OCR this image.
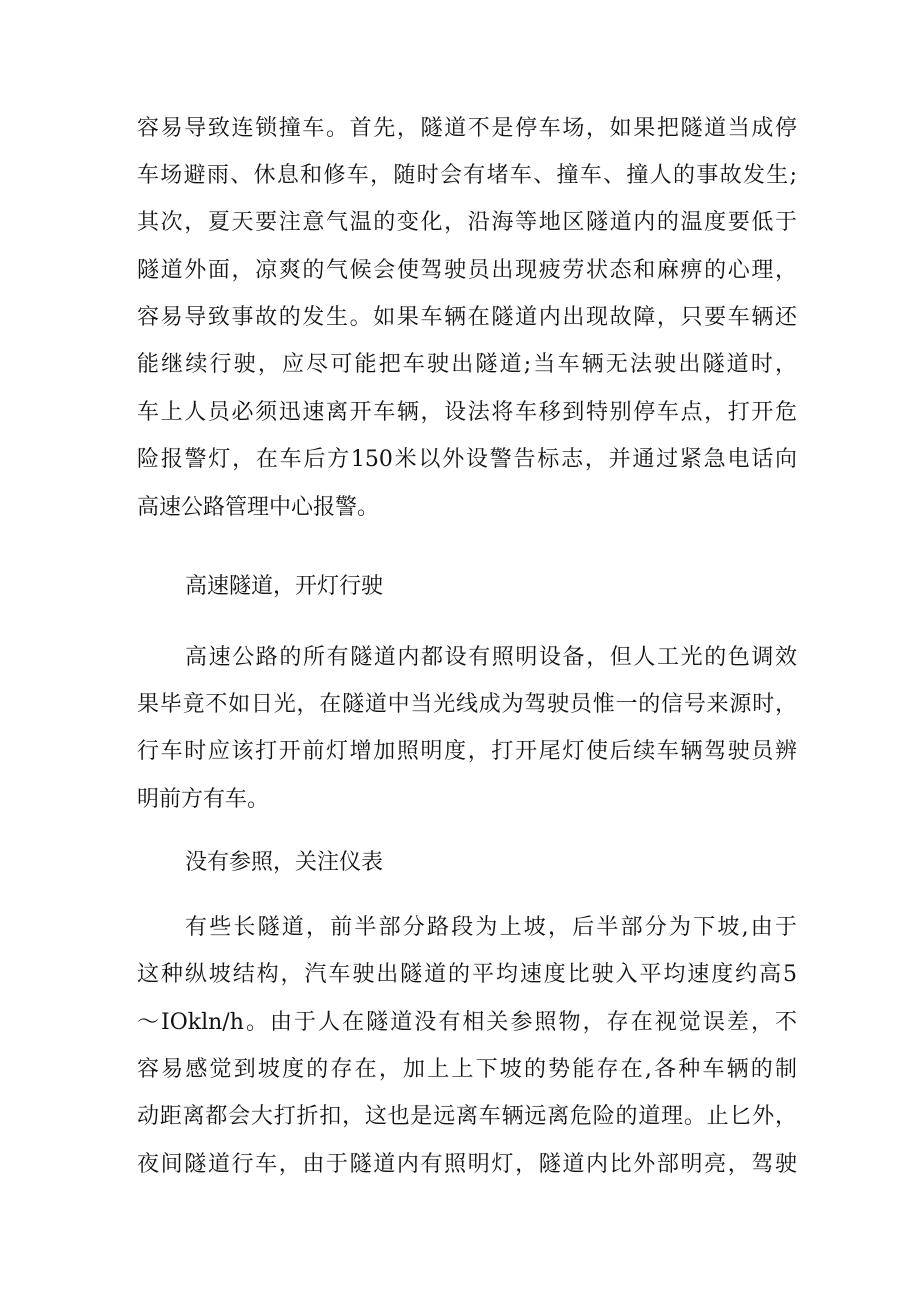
容易导致连锁撞车。首先，隧道不是停车场，如果把隧道当成停

车场避雨、休息和修车，随时会有堵车、撞车、撞人的事故发生;

其次，夏天要注意气温的变化，沿海等地区隧道内的温度要低于

隧道外面，凉爽的气候会使驾驶员出现疲劳状态和麻痹的心理，

容易导致事故的发生。如果车辆在隧道内出现故障，只要车辆还

能继续行驶，应尽可能把车驶出隧道;当车辆无法驶出隧道时，

车上人员必须迅速离开车辆，设法将车移到特别停车点，打开危

险报警灯，在车后方150米以外设警告标志，并通过紧急电话向

高速公路管理中心报警。

高速隧道，开灯行驶

高速公路的所有隧道内都设有照明设备，但人工光的色调效

果毕竟不如日光，在隧道中当光线成为驾驶员惟一的信号来源时，

行车时应该打开前灯增加照明度，打开尾灯使后续车辆驾驶员辨

明前方有车。

没有参照，关注仪表

有些长隧道，前半部分路段为上坡，后半部分为下坡,由于

这种纵坡结构，汽车驶出隧道的平均速度比驶入平均速度约高5

～IOkln/h。由于人在隧道没有相关参照物，存在视觉误差，不

容易感觉到坡度的存在，加上上下坡的势能存在,各种车辆的制

动距离都会大打折扣，这也是远离车辆远离危险的道理。止匕外，

夜间隧道行车，由于隧道内有照明灯，隧道内比外部明亮，驾驶
